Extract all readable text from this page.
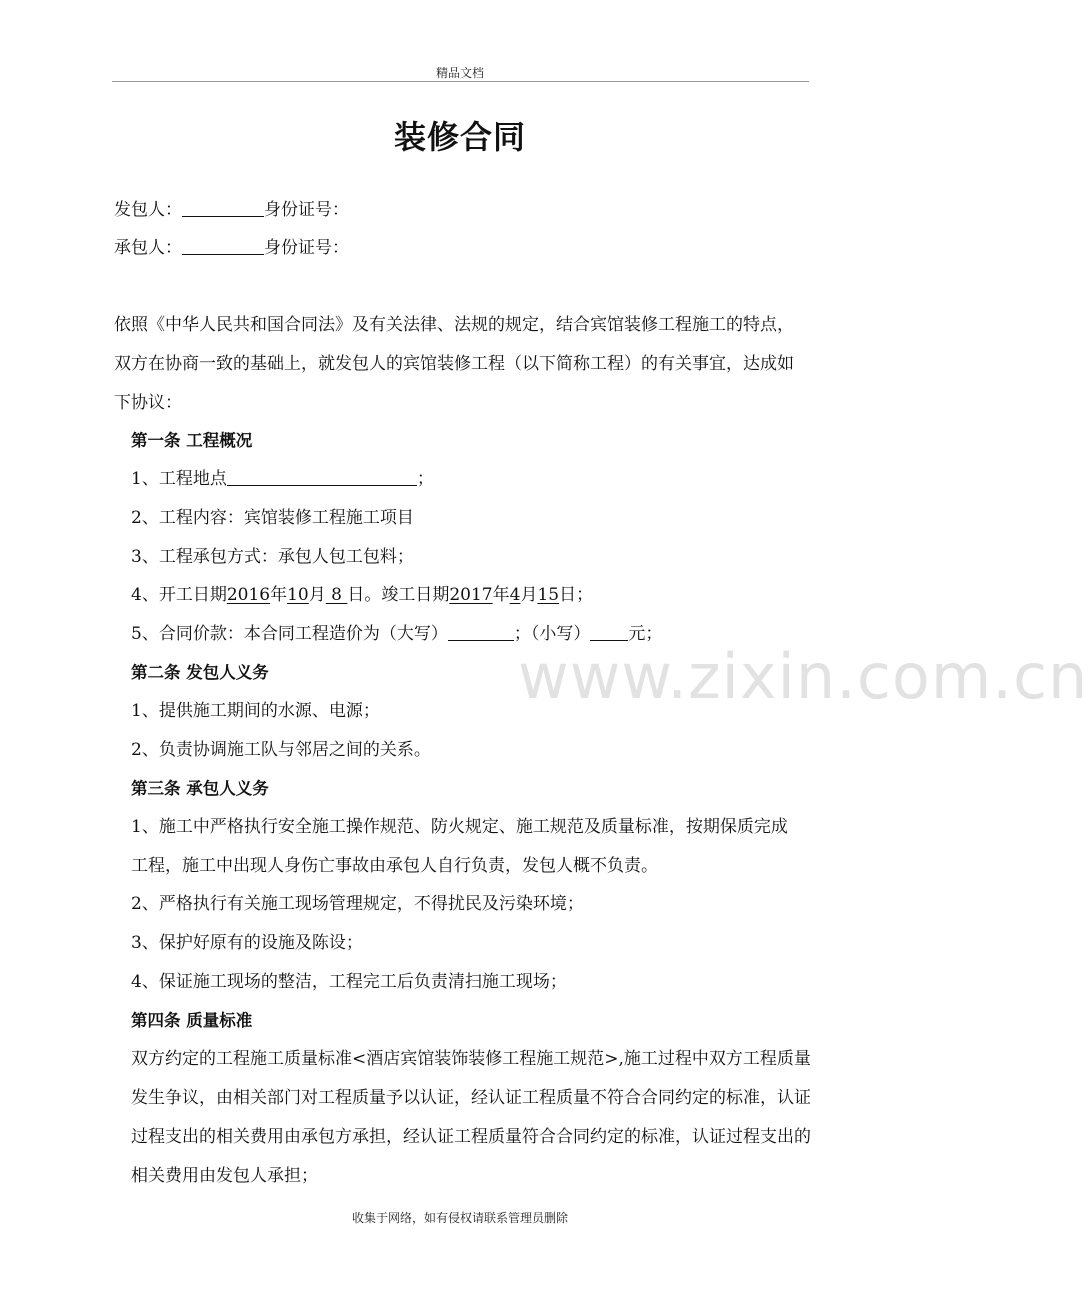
精品文档
装修合同
发包人：	身份证号：
承包人：	身份证号：
依照《中华人民共和国合同法》及有关法律、法规的规定，结合宾馆装修工程施工的特点，双方在协商一致的基础上，就发包人的宾馆装修工程（以下简称工程）的有关事宜，达成如下协议：
第一条 工程概况
1、工程地点	；
2、工程内容：宾馆装修工程施工项目
3、工程承包方式：承包人包工包料；
4、开工日期2016年10月 8 日。竣工日期2017年4月15日；
5、合同价款：本合同工程造价为（大写）	；（小写） 元；
第二条 发包人义务
1、提供施工期间的水源、电源；
2、负责协调施工队与邻居之间的关系。
第三条 承包人义务
1、施工中严格执行安全施工操作规范、防火规定、施工规范及质量标准，按期保质完成工程，施工中出现人身伤亡事故由承包人自行负责，发包人概不负责。
2、严格执行有关施工现场管理规定，不得扰民及污染环境；
3、保护好原有的设施及陈设；
4、保证施工现场的整洁，工程完工后负责清扫施工现场；
第四条 质量标准
双方约定的工程施工质量标准<酒店宾馆装饰装修工程施工规范>,施工过程中双方工程质量发生争议，由相关部门对工程质量予以认证，经认证工程质量不符合合同约定的标准，认证过程支出的相关费用由承包方承担，经认证工程质量符合合同约定的标准，认证过程支出的相关费用由发包人承担；
www.zixin.com.cn
收集于网络，如有侵权请联系管理员删除
